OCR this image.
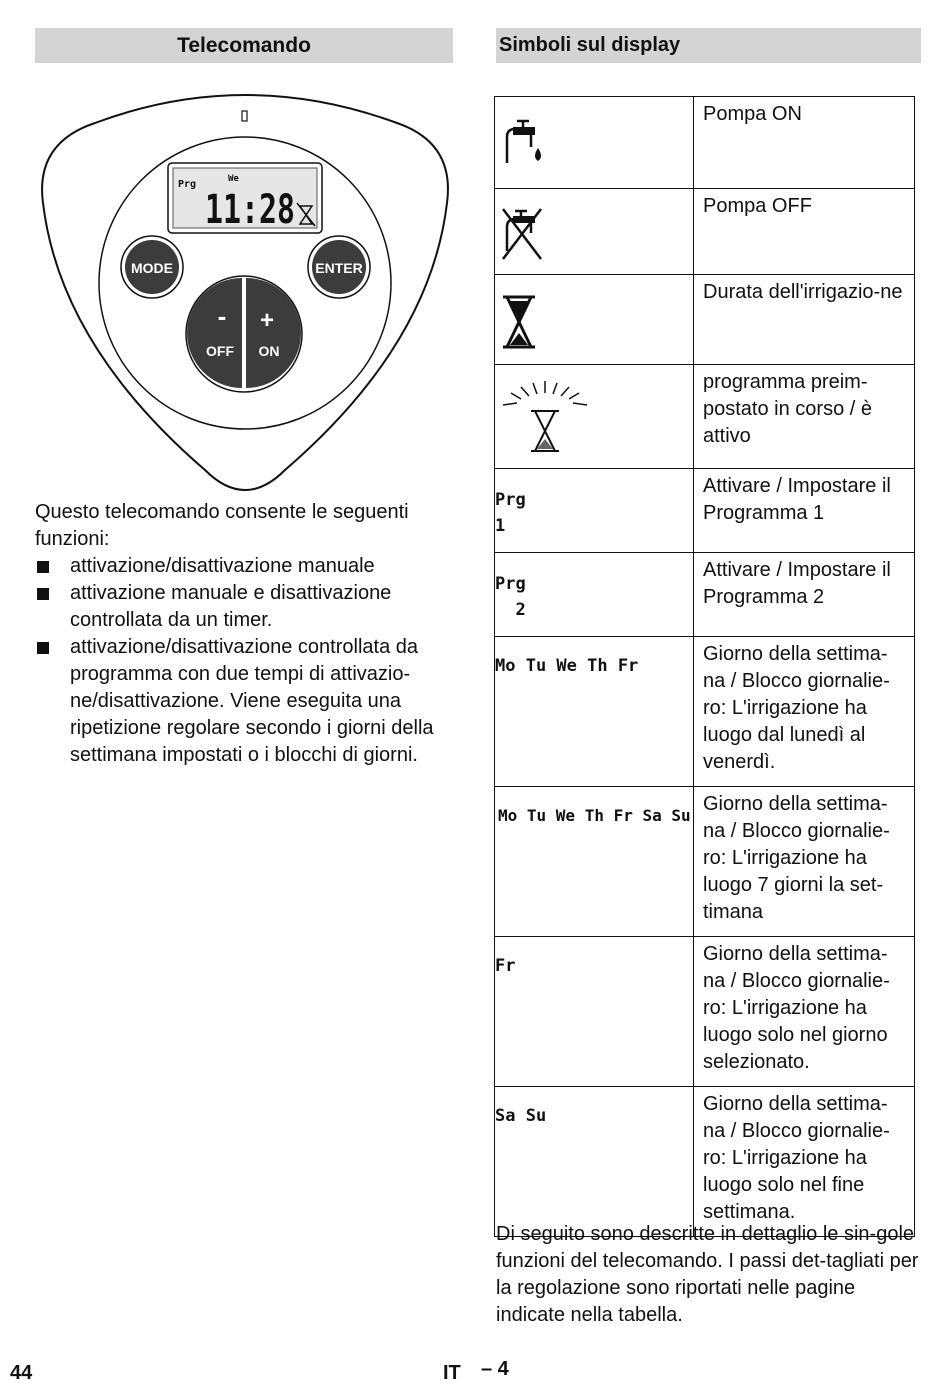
Telecomando	Simboli sul display
Prg	We
11:28
MODE	ENTER
-
OFF
+
ON

Questo telecomando consente le seguenti funzioni:

attivazione/disattivazione manuale
attivazione manuale e disattivazione controllata da un timer.
attivazione/disattivazione controllata da programma con due tempi di attivazio-ne/disattivazione. Viene eseguita una ripetizione regolare secondo i giorni della settimana impostati o i blocchi di giorni.
	Pompa ON
	Pompa OFF
	Durata dell'irrigazio-ne
	programma preim-postato in corso / è attivo

Prg
1	Attivare / Impostare il Programma 1

Prg
2	Attivare / Impostare il Programma 2

Mo Tu We Th Fr	Giorno della settima-na / Blocco giornalie-ro: L'irrigazione ha luogo dal lunedì al venerdì.

Mo Tu We Th Fr Sa Su	Giorno della settima-na / Blocco giornalie-ro: L'irrigazione ha luogo 7 giorni la set-timana

Fr	Giorno della settima-na / Blocco giornalie-ro: L'irrigazione ha luogo solo nel giorno selezionato.

Sa Su	Giorno della settima-na / Blocco giornalie-ro: L'irrigazione ha luogo solo nel fine settimana.
Di seguito sono descritte in dettaglio le sin-gole funzioni del telecomando. I passi det-tagliati per la regolazione sono riportati nelle pagine indicate nella tabella.
44	IT – 4
